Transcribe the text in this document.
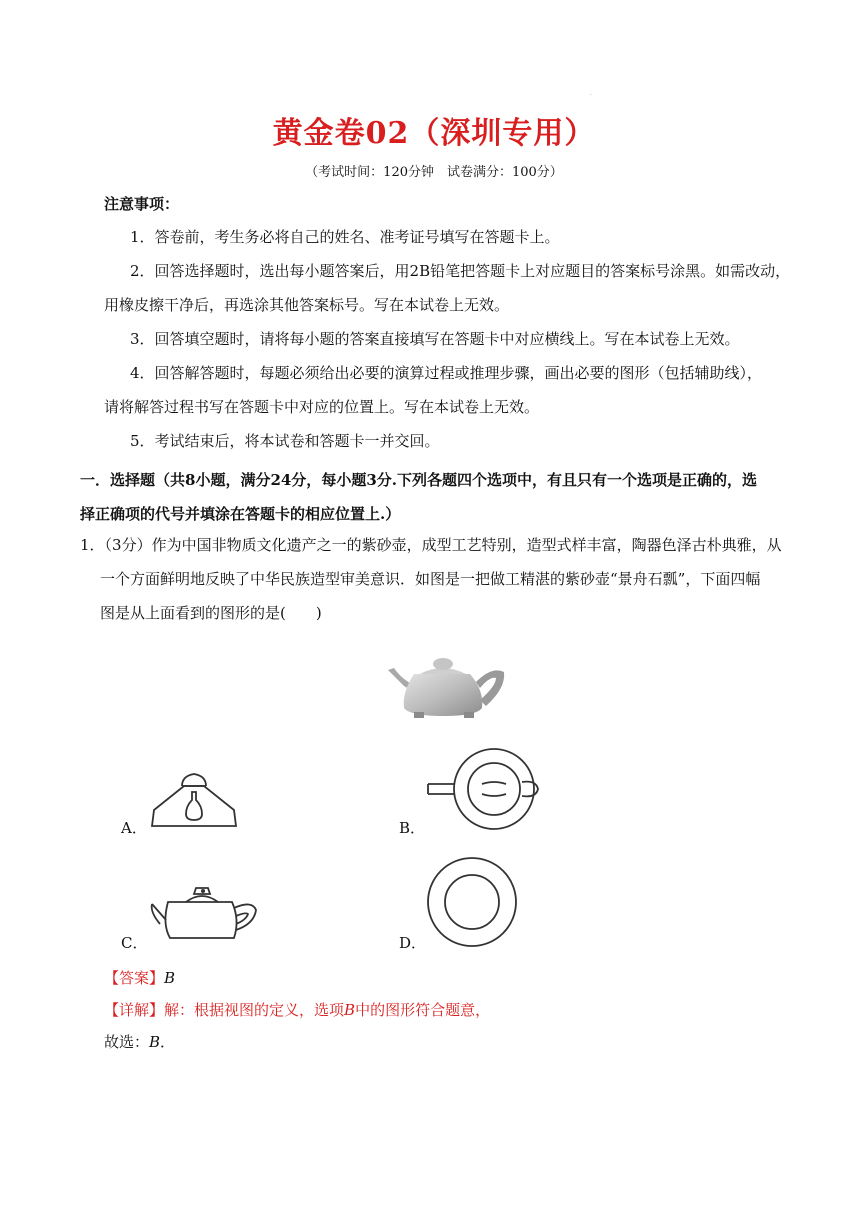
.
黄金卷02（深圳专用）
（考试时间：120分钟　试卷满分：100分）
注意事项：
1．答卷前，考生务必将自己的姓名、准考证号填写在答题卡上。
2．回答选择题时，选出每小题答案后，用2B铅笔把答题卡上对应题目的答案标号涂黑。如需改动，
用橡皮擦干净后，再选涂其他答案标号。写在本试卷上无效。
3．回答填空题时，请将每小题的答案直接填写在答题卡中对应横线上。写在本试卷上无效。
4．回答解答题时，每题必须给出必要的演算过程或推理步骤，画出必要的图形（包括辅助线），
请将解答过程书写在答题卡中对应的位置上。写在本试卷上无效。
5．考试结束后，将本试卷和答题卡一并交回。
一．选择题（共8小题，满分24分，每小题3分.下列各题四个选项中，有且只有一个选项是正确的，选
择正确项的代号并填涂在答题卡的相应位置上.）
1．（3分）作为中国非物质文化遗产之一的紫砂壶，成型工艺特别，造型式样丰富，陶器色泽古朴典雅，从
一个方面鲜明地反映了中华民族造型审美意识．如图是一把做工精湛的紫砂壶“景舟石瓢”，下面四幅
图是从上面看到的图形的是(　　)
A．	B．
C．	D．
【答案】B
【详解】解：根据视图的定义，选项B中的图形符合题意，
故选：B．
